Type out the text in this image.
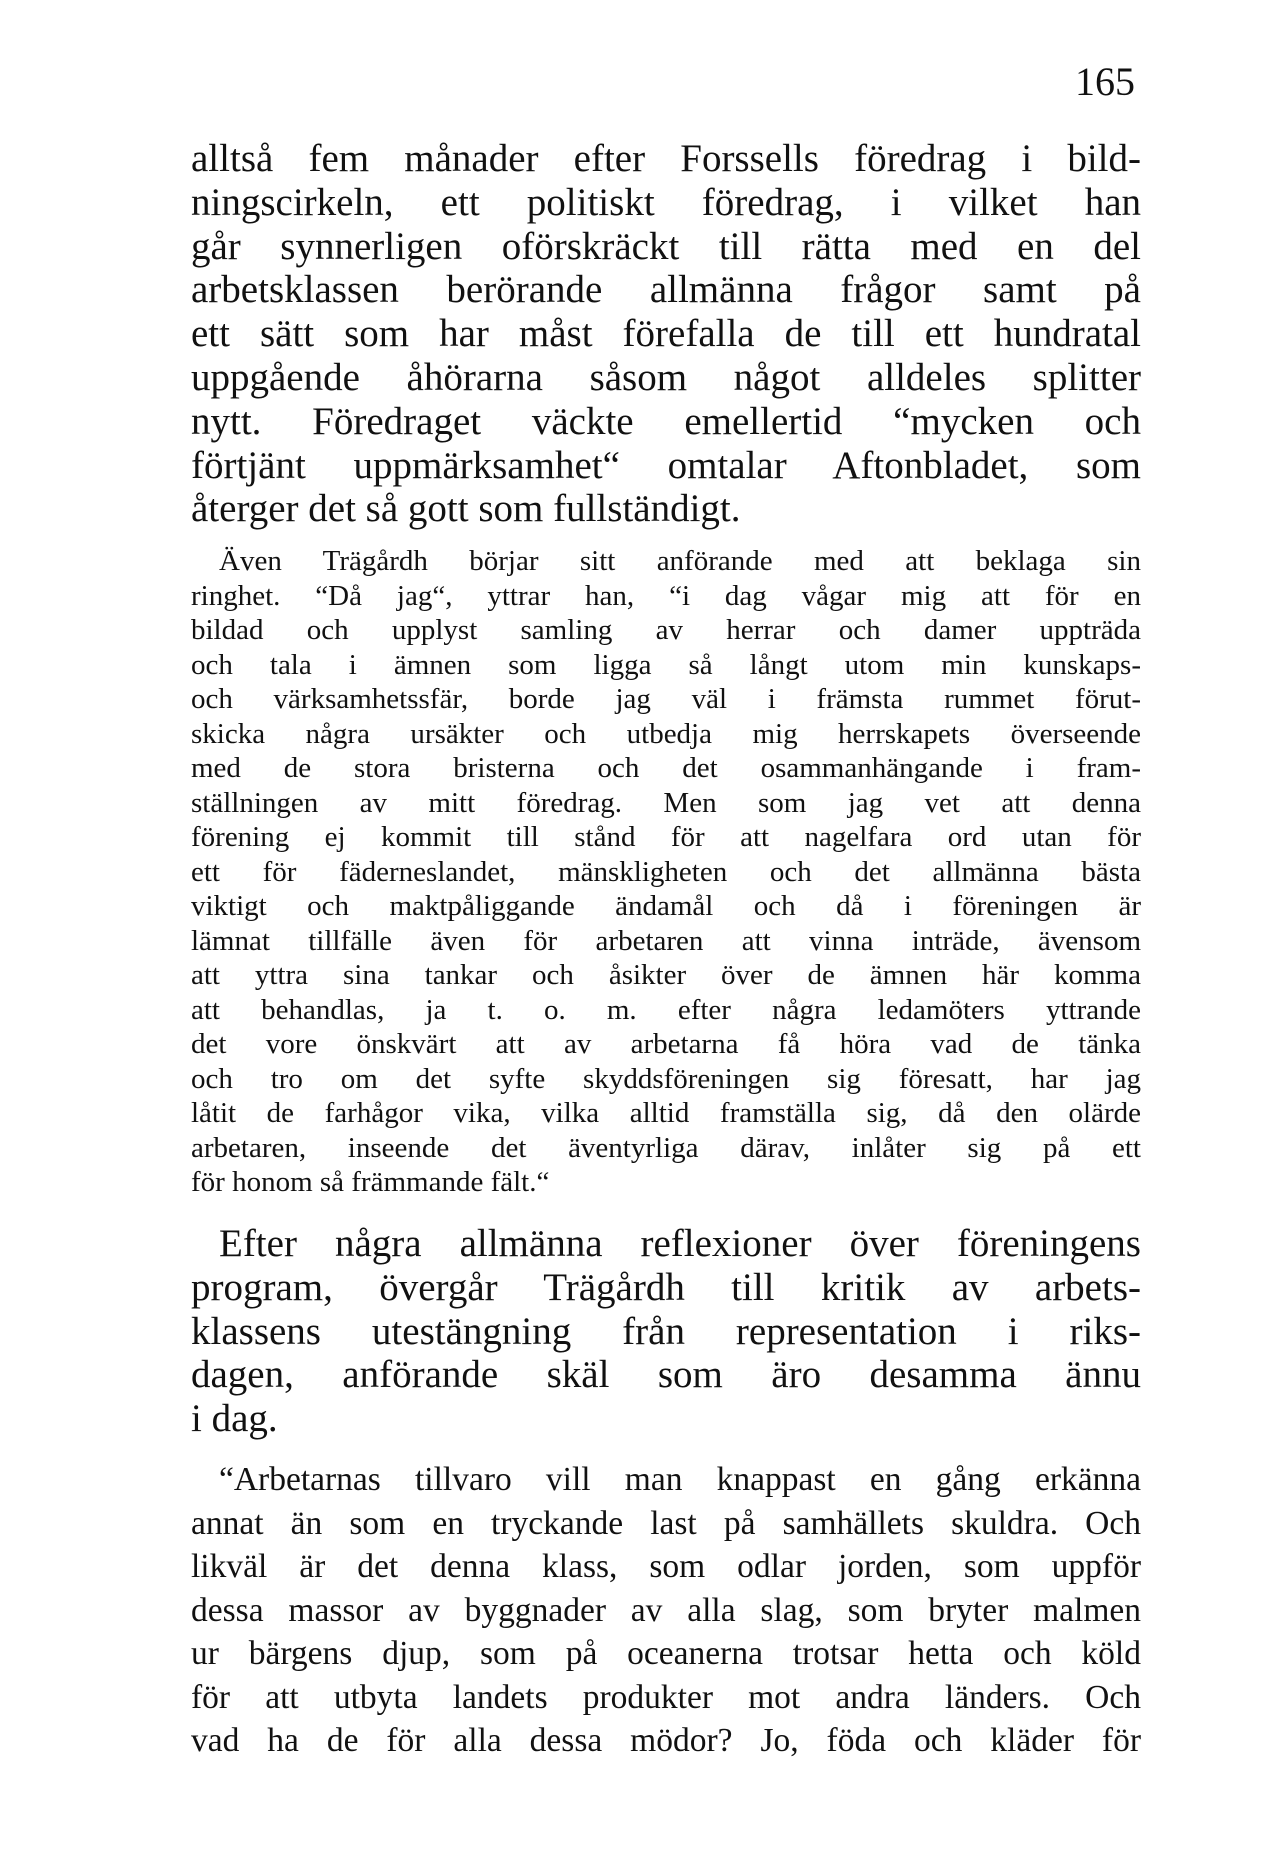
165
alltså fem månader efter Forssells föredrag i bild-
ningscirkeln, ett politiskt föredrag, i vilket han
går synnerligen oförskräckt till rätta med en del
arbetsklassen berörande allmänna frågor samt på
ett sätt som har måst förefalla de till ett hundratal
uppgående åhörarna såsom något alldeles splitter
nytt. Föredraget väckte emellertid “mycken och
förtjänt uppmärksamhet“ omtalar Aftonbladet, som
återger det så gott som fullständigt.
Även Trägårdh börjar sitt anförande med att beklaga sin
ringhet. “Då jag“, yttrar han, “i dag vågar mig att för en
bildad och upplyst samling av herrar och damer uppträda
och tala i ämnen som ligga så långt utom min kunskaps-
och värksamhetssfär, borde jag väl i främsta rummet förut-
skicka några ursäkter och utbedja mig herrskapets överseende
med de stora bristerna och det osammanhängande i fram-
ställningen av mitt föredrag. Men som jag vet att denna
förening ej kommit till stånd för att nagelfara ord utan för
ett för fäderneslandet, mänskligheten och det allmänna bästa
viktigt och maktpåliggande ändamål och då i föreningen är
lämnat tillfälle även för arbetaren att vinna inträde, ävensom
att yttra sina tankar och åsikter över de ämnen här komma
att behandlas, ja t. o. m. efter några ledamöters yttrande
det vore önskvärt att av arbetarna få höra vad de tänka
och tro om det syfte skyddsföreningen sig föresatt, har jag
låtit de farhågor vika, vilka alltid framställa sig, då den olärde
arbetaren, inseende det äventyrliga därav, inlåter sig på ett
för honom så främmande fält.“
Efter några allmänna reflexioner över föreningens
program, övergår Trägårdh till kritik av arbets-
klassens utestängning från representation i riks-
dagen, anförande skäl som äro desamma ännu
i dag.
“Arbetarnas tillvaro vill man knappast en gång erkänna
annat än som en tryckande last på samhällets skuldra. Och
likväl är det denna klass, som odlar jorden, som uppför
dessa massor av byggnader av alla slag, som bryter malmen
ur bärgens djup, som på oceanerna trotsar hetta och köld
för att utbyta landets produkter mot andra länders. Och
vad ha de för alla dessa mödor? Jo, föda och kläder för
